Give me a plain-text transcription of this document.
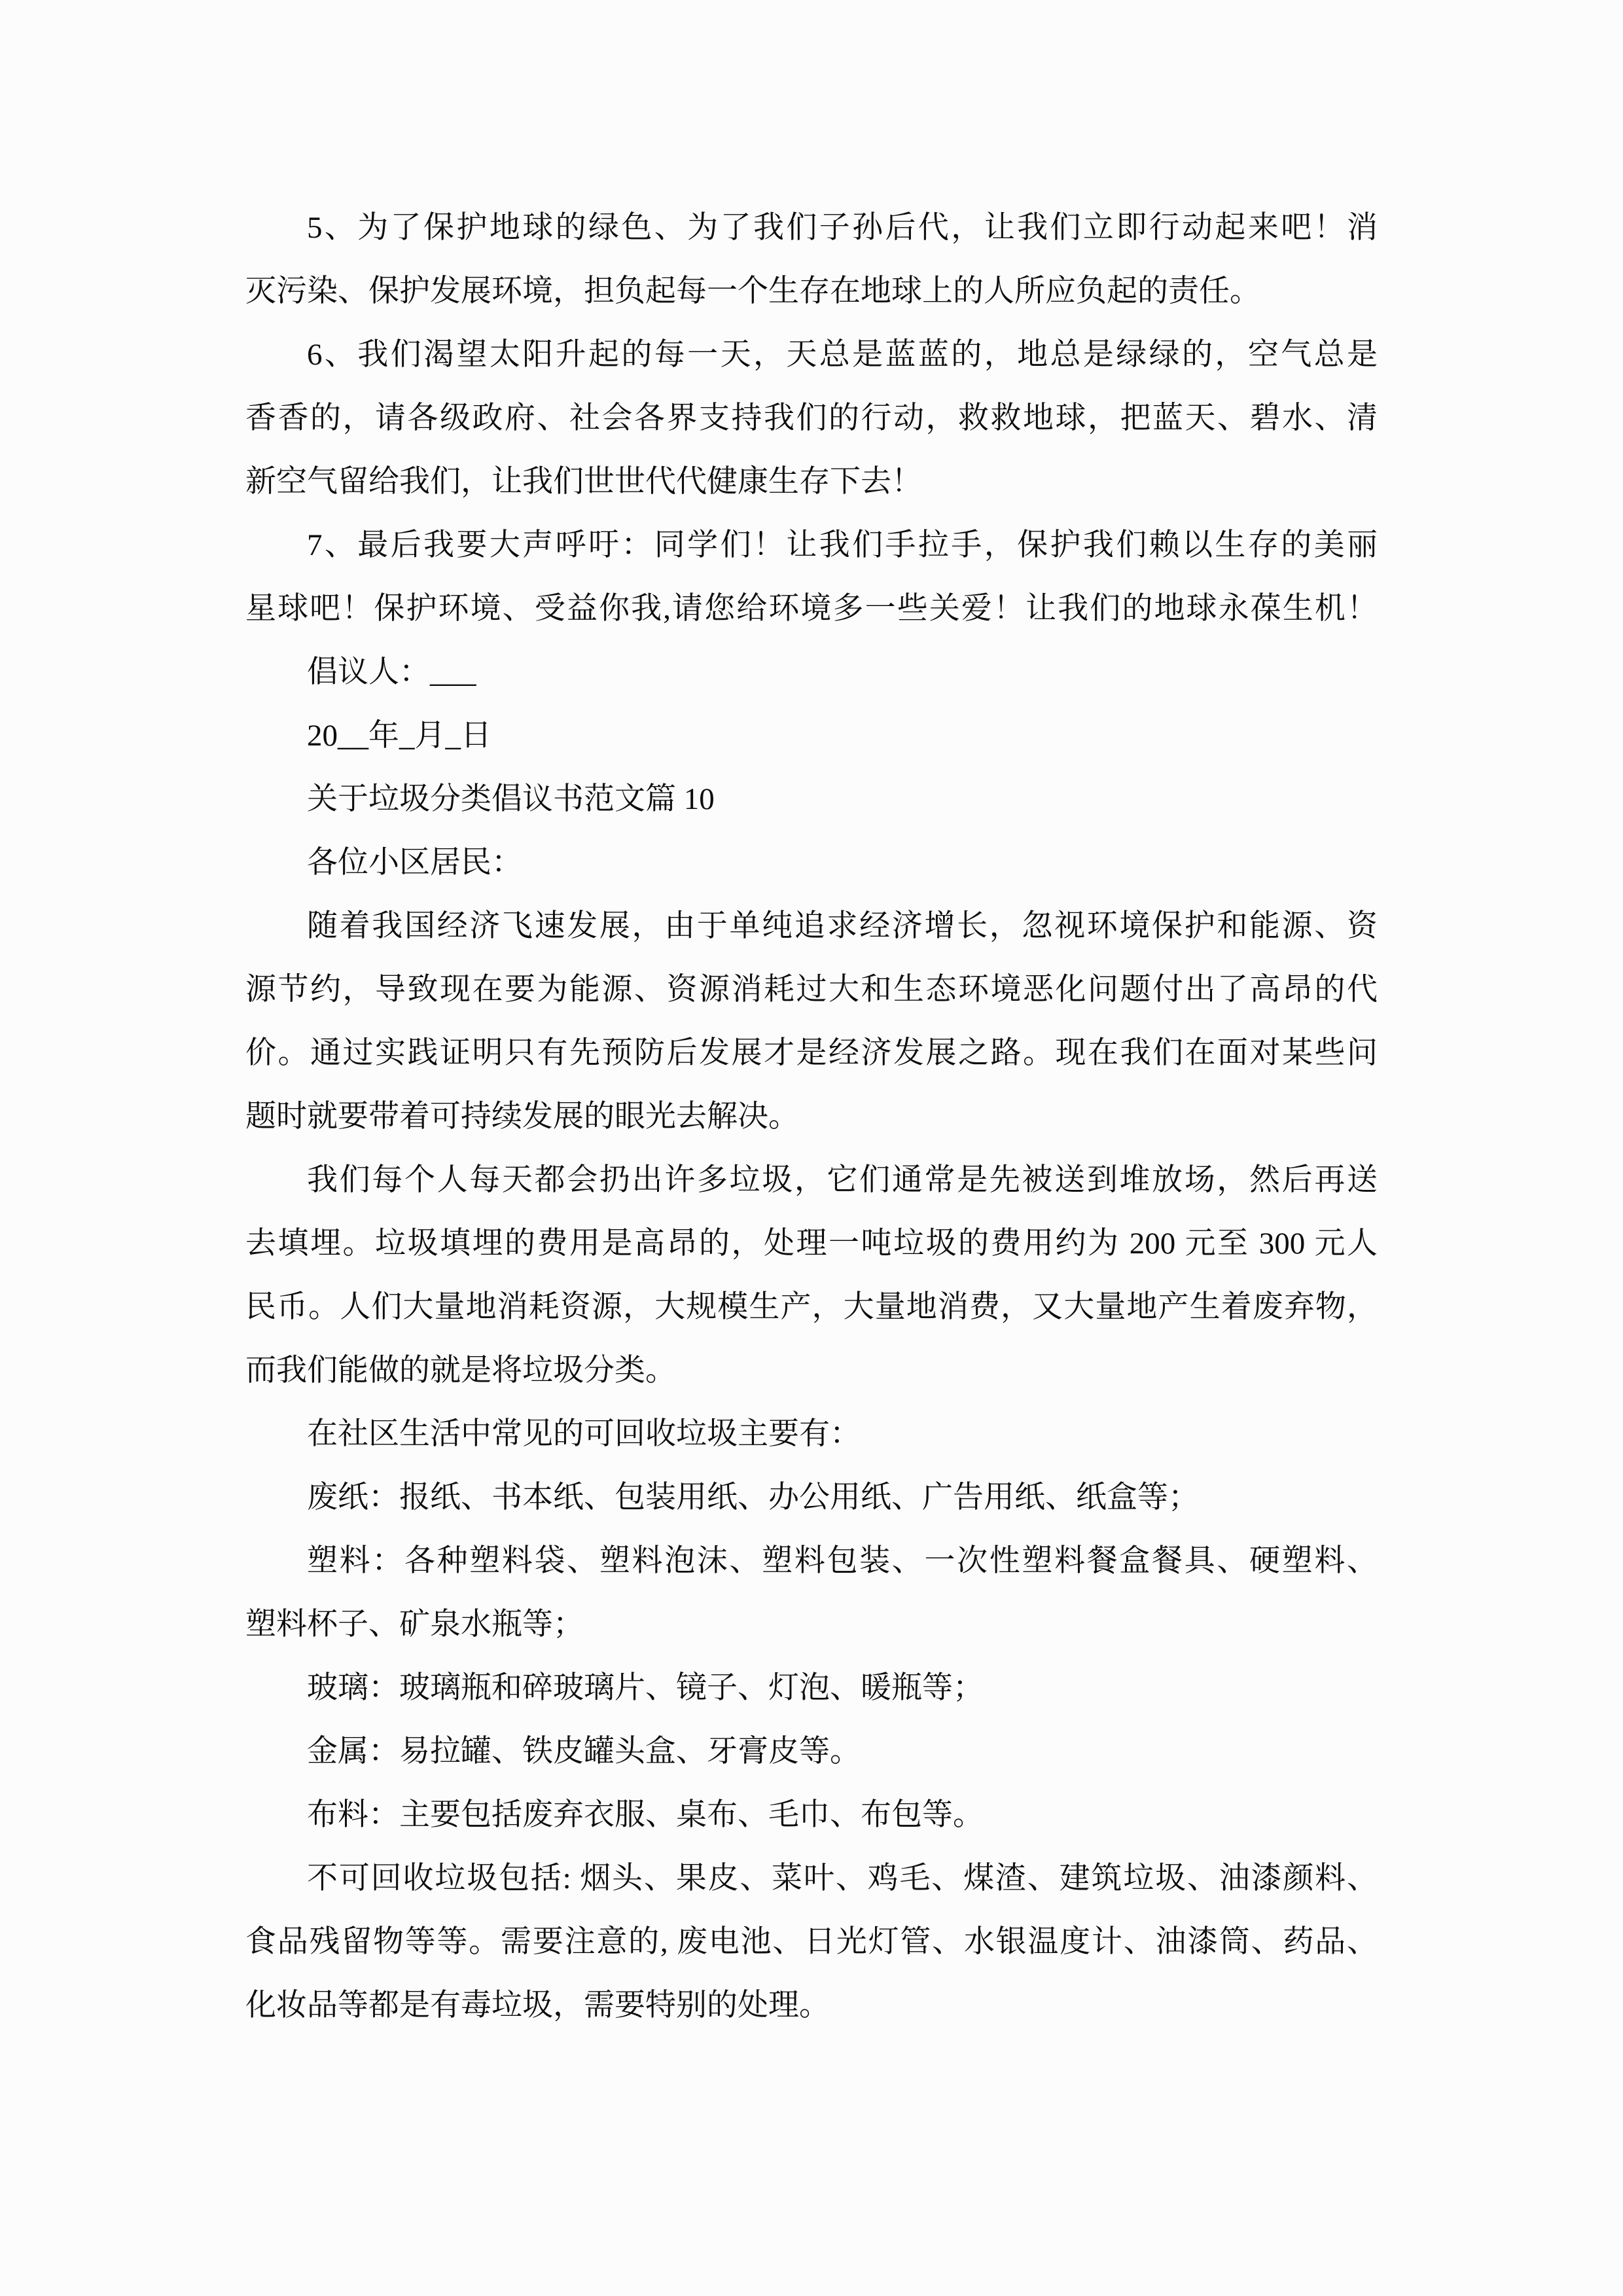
5、为了保护地球的绿色、为了我们子孙后代，让我们立即行动起来吧！消
灭污染、保护发展环境，担负起每一个生存在地球上的人所应负起的责任。
6、我们渴望太阳升起的每一天，天总是蓝蓝的，地总是绿绿的，空气总是
香香的，请各级政府、社会各界支持我们的行动，救救地球，把蓝天、碧水、清
新空气留给我们，让我们世世代代健康生存下去！
7、最后我要大声呼吁：同学们！让我们手拉手，保护我们赖以生存的美丽
星球吧！保护环境、受益你我,请您给环境多一些关爱！让我们的地球永葆生机！
倡议人：___
20__年_月_日
关于垃圾分类倡议书范文篇 10
各位小区居民：
随着我国经济飞速发展，由于单纯追求经济增长，忽视环境保护和能源、资
源节约，导致现在要为能源、资源消耗过大和生态环境恶化问题付出了高昂的代
价。通过实践证明只有先预防后发展才是经济发展之路。现在我们在面对某些问
题时就要带着可持续发展的眼光去解决。
我们每个人每天都会扔出许多垃圾，它们通常是先被送到堆放场，然后再送
去填埋。垃圾填埋的费用是高昂的，处理一吨垃圾的费用约为 200 元至 300 元人
民币。人们大量地消耗资源，大规模生产，大量地消费，又大量地产生着废弃物，
而我们能做的就是将垃圾分类。
在社区生活中常见的可回收垃圾主要有：
废纸：报纸、书本纸、包装用纸、办公用纸、广告用纸、纸盒等；
塑料：各种塑料袋、塑料泡沫、塑料包装、一次性塑料餐盒餐具、硬塑料、
塑料杯子、矿泉水瓶等；
玻璃：玻璃瓶和碎玻璃片、镜子、灯泡、暖瓶等；
金属：易拉罐、铁皮罐头盒、牙膏皮等。
布料：主要包括废弃衣服、桌布、毛巾、布包等。
不可回收垃圾包括: 烟头、果皮、菜叶、鸡毛、煤渣、建筑垃圾、油漆颜料、
食品残留物等等。需要注意的, 废电池、日光灯管、水银温度计、油漆筒、药品、
化妆品等都是有毒垃圾，需要特别的处理。
